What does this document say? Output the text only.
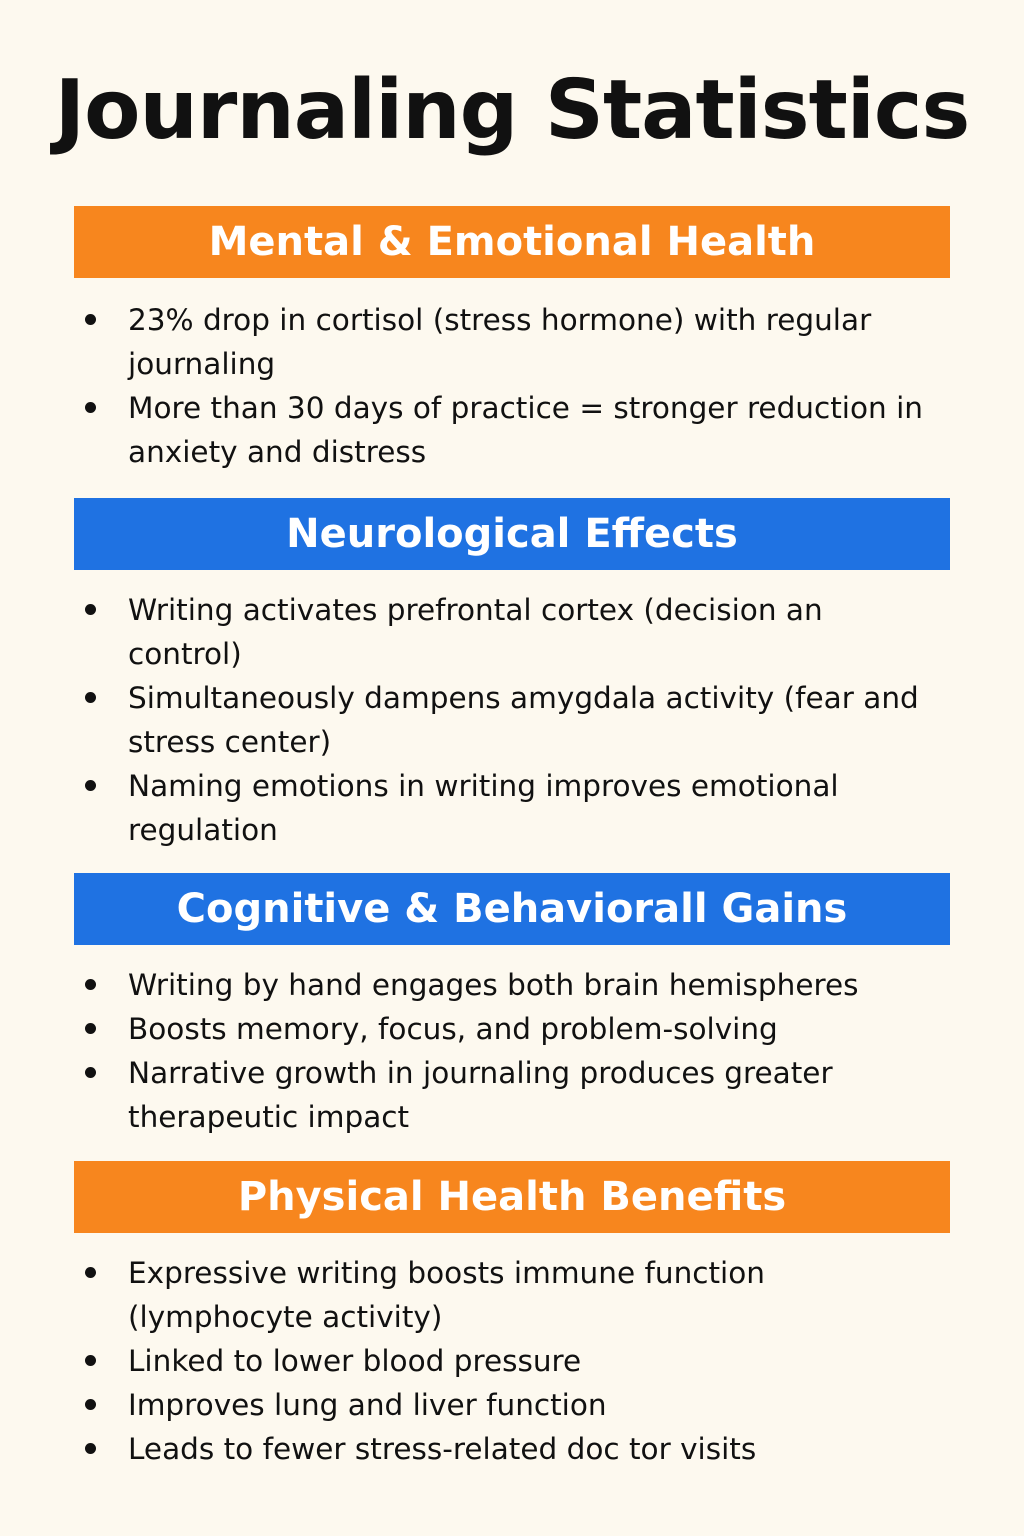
Journaling Statistics
Mental & Emotional Health
23% drop in cortisol (stress hormone) with regular journaling
More than 30 days of practice = stronger reduction in anxiety and distress
Neurological Effects
Writing activates prefrontal cortex (decision an control)
Simultaneously dampens amygdala activity (fear and stress center)
Naming emotions in writing improves emotional regulation
Cognitive & Behaviorall Gains
Writing by hand engages both brain hemispheres
Boosts memory, focus, and problem-solving
Narrative growth in journaling produces greater therapeutic impact
Physical Health Benefits
Expressive writing boosts immune function (lymphocyte activity)
Linked to lower blood pressure
Improves lung and liver function
Leads to fewer stress-related doc tor visits
